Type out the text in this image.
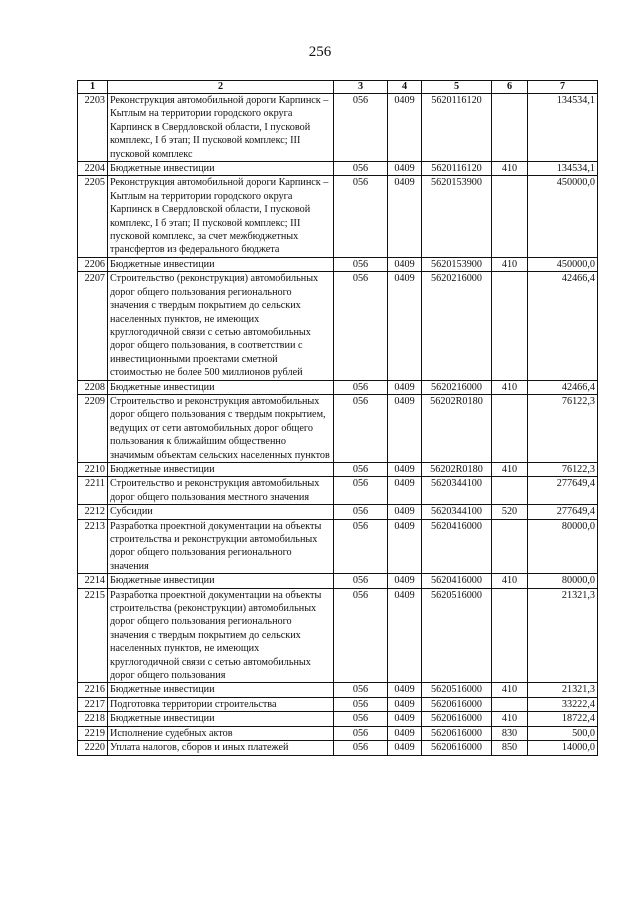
256
1	2	3	4	5	6	7
2203	Реконструкция автомобильной дороги Карпинск – Кытлым на территории городского округа Карпинск в Свердловской области, I пусковой комплекс, I б этап; II пусковой комплекс; III пусковой комплекс	056	0409	5620116120		134534,1
2204	Бюджетные инвестиции	056	0409	5620116120	410	134534,1
2205	Реконструкция автомобильной дороги Карпинск – Кытлым на территории городского округа Карпинск в Свердловской области, I пусковой комплекс, I б этап; II пусковой комплекс; III пусковой комплекс, за счет межбюджетных трансфертов из федерального бюджета	056	0409	5620153900		450000,0
2206	Бюджетные инвестиции	056	0409	5620153900	410	450000,0
2207	Строительство (реконструкция) автомобильных дорог общего пользования регионального значения с твердым покрытием до сельских населенных пунктов, не имеющих круглогодичной связи с сетью автомобильных дорог общего пользования, в соответствии с инвестиционными проектами сметной стоимостью не более 500 миллионов рублей	056	0409	5620216000		42466,4
2208	Бюджетные инвестиции	056	0409	5620216000	410	42466,4
2209	Строительство и реконструкция автомобильных дорог общего пользования с твердым покрытием, ведущих от сети автомобильных дорог общего пользования к ближайшим общественно значимым объектам сельских населенных пунктов	056	0409	56202R0180		76122,3
2210	Бюджетные инвестиции	056	0409	56202R0180	410	76122,3
2211	Строительство и реконструкция автомобильных дорог общего пользования местного значения	056	0409	5620344100		277649,4
2212	Субсидии	056	0409	5620344100	520	277649,4
2213	Разработка проектной документации на объекты строительства и реконструкции автомобильных дорог общего пользования регионального значения	056	0409	5620416000		80000,0
2214	Бюджетные инвестиции	056	0409	5620416000	410	80000,0
2215	Разработка проектной документации на объекты строительства (реконструкции) автомобильных дорог общего пользования регионального значения с твердым покрытием до сельских населенных пунктов, не имеющих круглогодичной связи с сетью автомобильных дорог общего пользования	056	0409	5620516000		21321,3
2216	Бюджетные инвестиции	056	0409	5620516000	410	21321,3
2217	Подготовка территории строительства	056	0409	5620616000		33222,4
2218	Бюджетные инвестиции	056	0409	5620616000	410	18722,4
2219	Исполнение судебных актов	056	0409	5620616000	830	500,0
2220	Уплата налогов, сборов и иных платежей	056	0409	5620616000	850	14000,0
